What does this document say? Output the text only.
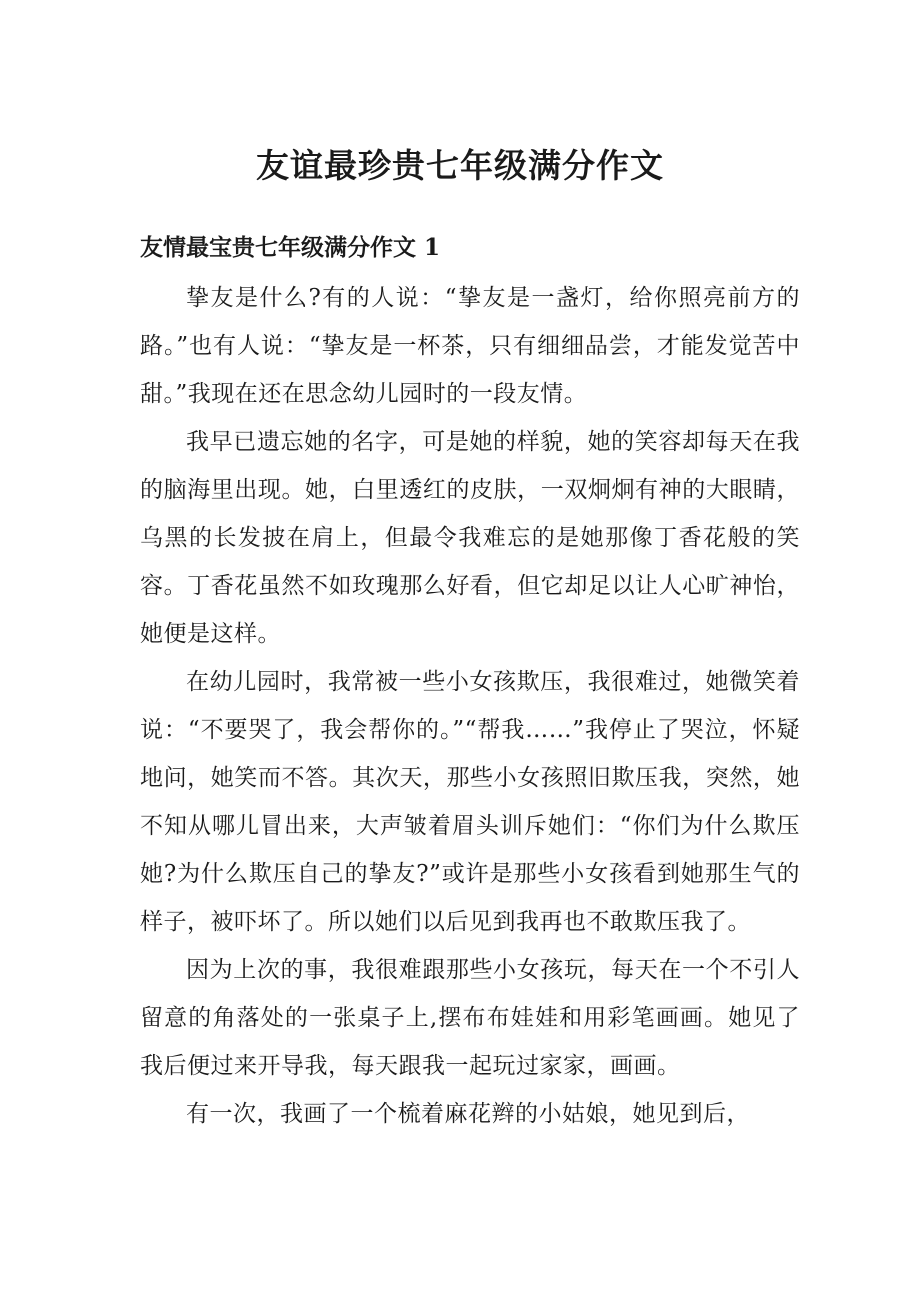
友谊最珍贵七年级满分作文
友情最宝贵七年级满分作文 1

挚友是什么?有的人说：“挚友是一盏灯，给你照亮前方的路。”也有人说：“挚友是一杯茶，只有细细品尝，才能发觉苦中甜。”我现在还在思念幼儿园时的一段友情。

我早已遗忘她的名字，可是她的样貌，她的笑容却每天在我的脑海里出现。她，白里透红的皮肤，一双炯炯有神的大眼睛，乌黑的长发披在肩上，但最令我难忘的是她那像丁香花般的笑容。丁香花虽然不如玫瑰那么好看，但它却足以让人心旷神怡，她便是这样。

在幼儿园时，我常被一些小女孩欺压，我很难过，她微笑着说：“不要哭了，我会帮你的。”“帮我……”我停止了哭泣，怀疑地问，她笑而不答。其次天，那些小女孩照旧欺压我，突然，她不知从哪儿冒出来，大声皱着眉头训斥她们：“你们为什么欺压她?为什么欺压自己的挚友?”或许是那些小女孩看到她那生气的样子，被吓坏了。所以她们以后见到我再也不敢欺压我了。

因为上次的事，我很难跟那些小女孩玩，每天在一个不引人留意的角落处的一张桌子上,摆布布娃娃和用彩笔画画。她见了我后便过来开导我，每天跟我一起玩过家家，画画。

有一次，我画了一个梳着麻花辫的小姑娘，她见到后，
